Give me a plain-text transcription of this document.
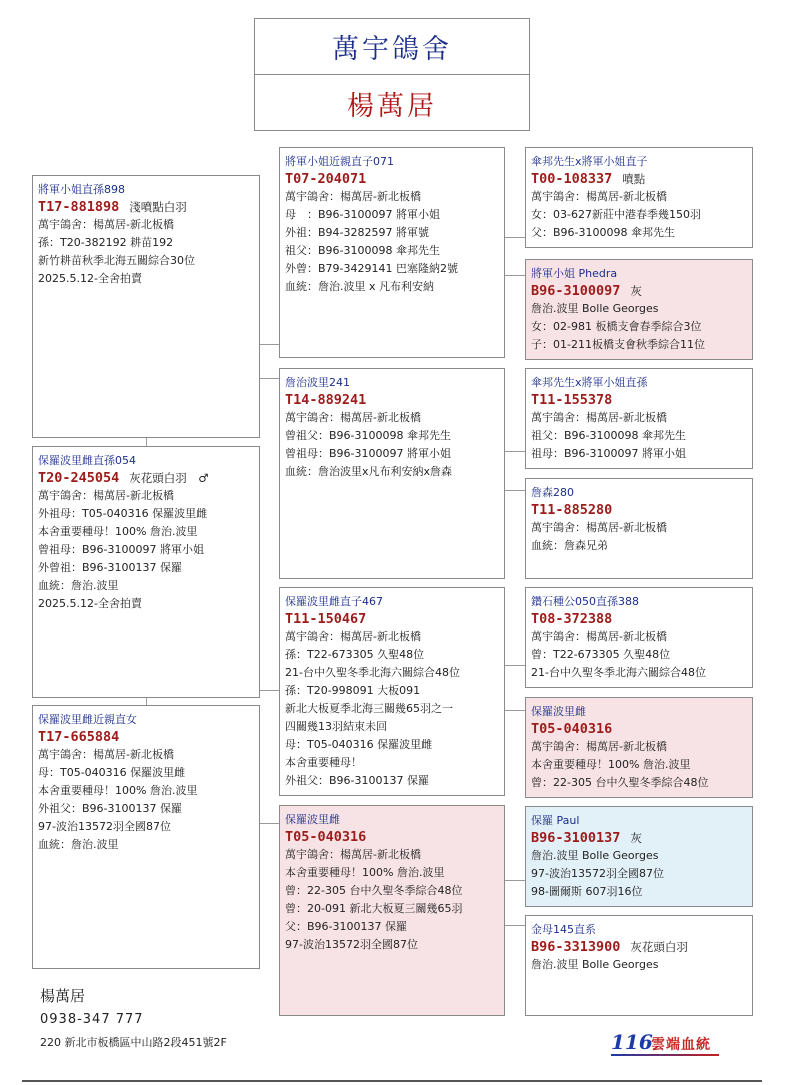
萬宇鴿舍
楊萬居
將軍小姐直孫898
T17-881898 淺噴點白羽
萬宇鴿舍：楊萬居-新北板橋
孫：T20-382192 耕苗192
新竹耕苗秋季北海五關綜合30位
2025.5.12-全舍拍賣
保羅波里雌直孫054
T20-245054 灰花頭白羽　♂
萬宇鴿舍：楊萬居-新北板橋
外祖母：T05-040316 保羅波里雌
本舍重要種母！100% 詹治.波里
曾祖母：B96-3100097 將軍小姐
外曾祖：B96-3100137 保羅
血統：詹治.波里
2025.5.12-全舍拍賣
保羅波里雌近親直女
T17-665884
萬宇鴿舍：楊萬居-新北板橋
母：T05-040316 保羅波里雌
本舍重要種母！100% 詹治.波里
外祖父：B96-3100137 保羅
97-波治13572羽全國87位
血統：詹治.波里
將軍小姐近親直子071
T07-204071
萬宇鴿舍：楊萬居-新北板橋
母　：B96-3100097 將軍小姐
外祖：B94-3282597 將軍號
祖父：B96-3100098 傘邦先生
外曾：B79-3429141 巴塞隆納2號
血統：詹治.波里 x 凡布利安納
詹治波里241
T14-889241
萬宇鴿舍：楊萬居-新北板橋
曾祖父：B96-3100098 傘邦先生
曾祖母：B96-3100097 將軍小姐
血統：詹治波里x凡布利安納x詹森
保羅波里雌直子467
T11-150467
萬宇鴿舍：楊萬居-新北板橋
孫：T22-673305 久聖48位
21-台中久聖冬季北海六關綜合48位
孫：T20-998091 大板091
新北大板夏季北海三關幾65羽之一
四關幾13羽結束未回
母：T05-040316 保羅波里雌
本舍重要種母！
外祖父：B96-3100137 保羅
保羅波里雌
T05-040316
萬宇鴿舍：楊萬居-新北板橋
本舍重要種母！100% 詹治.波里
曾：22-305 台中久聖冬季綜合48位
曾：20-091 新北大板夏三關幾65羽
父：B96-3100137 保羅
97-波治13572羽全國87位
傘邦先生x將軍小姐直子
T00-108337 噴點
萬宇鴿舍：楊萬居-新北板橋
女：03-627新莊中港春季幾150羽
父：B96-3100098 傘邦先生
將軍小姐 Phedra
B96-3100097 灰
詹治.波里 Bolle Georges
女：02-981 板橋支會春季綜合3位
子：01-211板橋支會秋季綜合11位
傘邦先生x將軍小姐直孫
T11-155378
萬宇鴿舍：楊萬居-新北板橋
祖父：B96-3100098 傘邦先生
祖母：B96-3100097 將軍小姐
詹森280
T11-885280
萬宇鴿舍：楊萬居-新北板橋
血統：詹森兄弟
鑽石種公050直孫388
T08-372388
萬宇鴿舍：楊萬居-新北板橋
曾：T22-673305 久聖48位
21-台中久聖冬季北海六關綜合48位
保羅波里雌
T05-040316
萬宇鴿舍：楊萬居-新北板橋
本舍重要種母！100% 詹治.波里
曾：22-305 台中久聖冬季綜合48位
保羅 Paul
B96-3100137 灰
詹治.波里 Bolle Georges
97-波治13572羽全國87位
98-圖爾斯 607羽16位
金母145直系
B96-3313900 灰花頭白羽
詹治.波里 Bolle Georges
楊萬居
0938-347 777
220 新北市板橋區中山路2段451號2F	116
雲端血統
